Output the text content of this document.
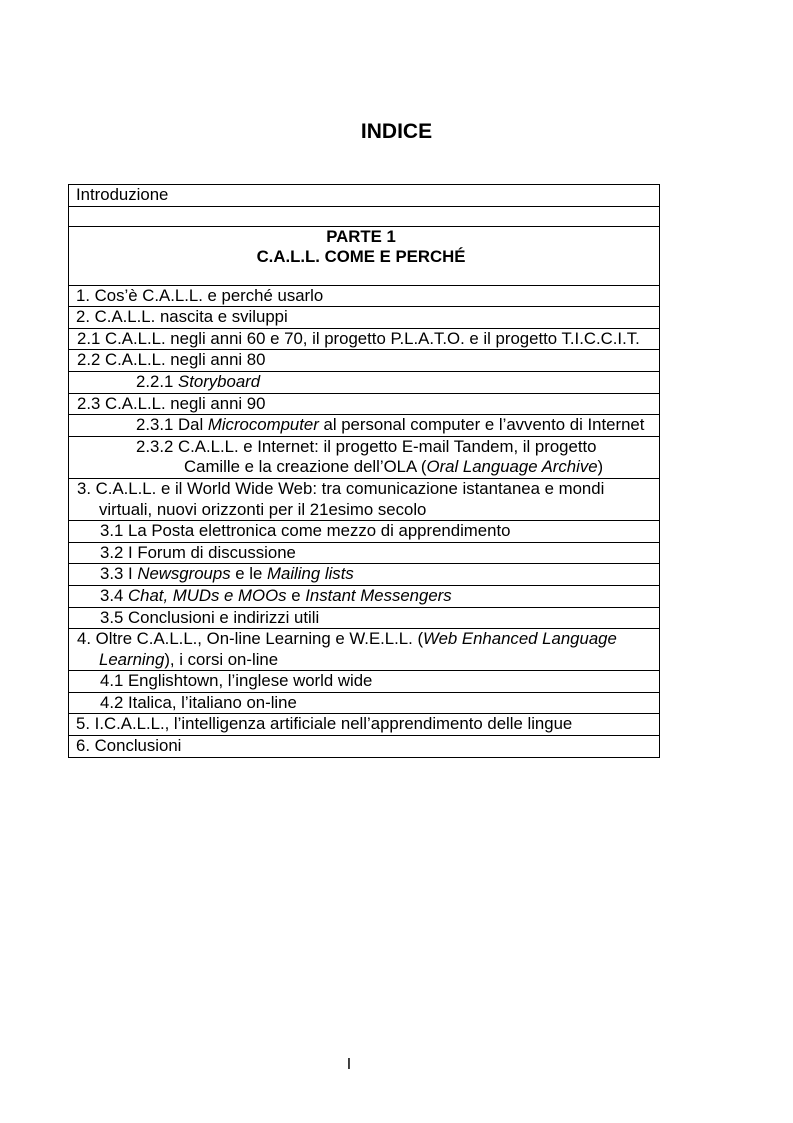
INDICE
Introduzione

PARTE 1
C.A.L.L. COME E PERCHÉ

1. Cos’è C.A.L.L. e perché usarlo

2. C.A.L.L. nascita e sviluppi

2.1 C.A.L.L. negli anni 60 e 70, il progetto P.L.A.T.O. e il progetto T.I.C.C.I.T.

2.2 C.A.L.L. negli anni 80

2.2.1 Storyboard

2.3 C.A.L.L. negli anni 90

2.3.1 Dal Microcomputer al personal computer e l’avvento di Internet

2.3.2 C.A.L.L. e Internet: il progetto E-mail Tandem, il progetto Camille e la creazione dell’OLA (Oral Language Archive)

3. C.A.L.L. e il World Wide Web: tra comunicazione istantanea e mondi virtuali, nuovi orizzonti per il 21esimo secolo

3.1 La Posta elettronica come mezzo di apprendimento

3.2 I Forum di discussione

3.3 I Newsgroups e le Mailing lists

3.4 Chat, MUDs e MOOs e Instant Messengers

3.5 Conclusioni e indirizzi utili

4. Oltre C.A.L.L., On-line Learning e W.E.L.L. (Web Enhanced Language Learning), i corsi on-line

4.1 Englishtown, l’inglese world wide

4.2 Italica, l’italiano on-line

5. I.C.A.L.L., l’intelligenza artificiale nell’apprendimento delle lingue

6. Conclusioni
I
